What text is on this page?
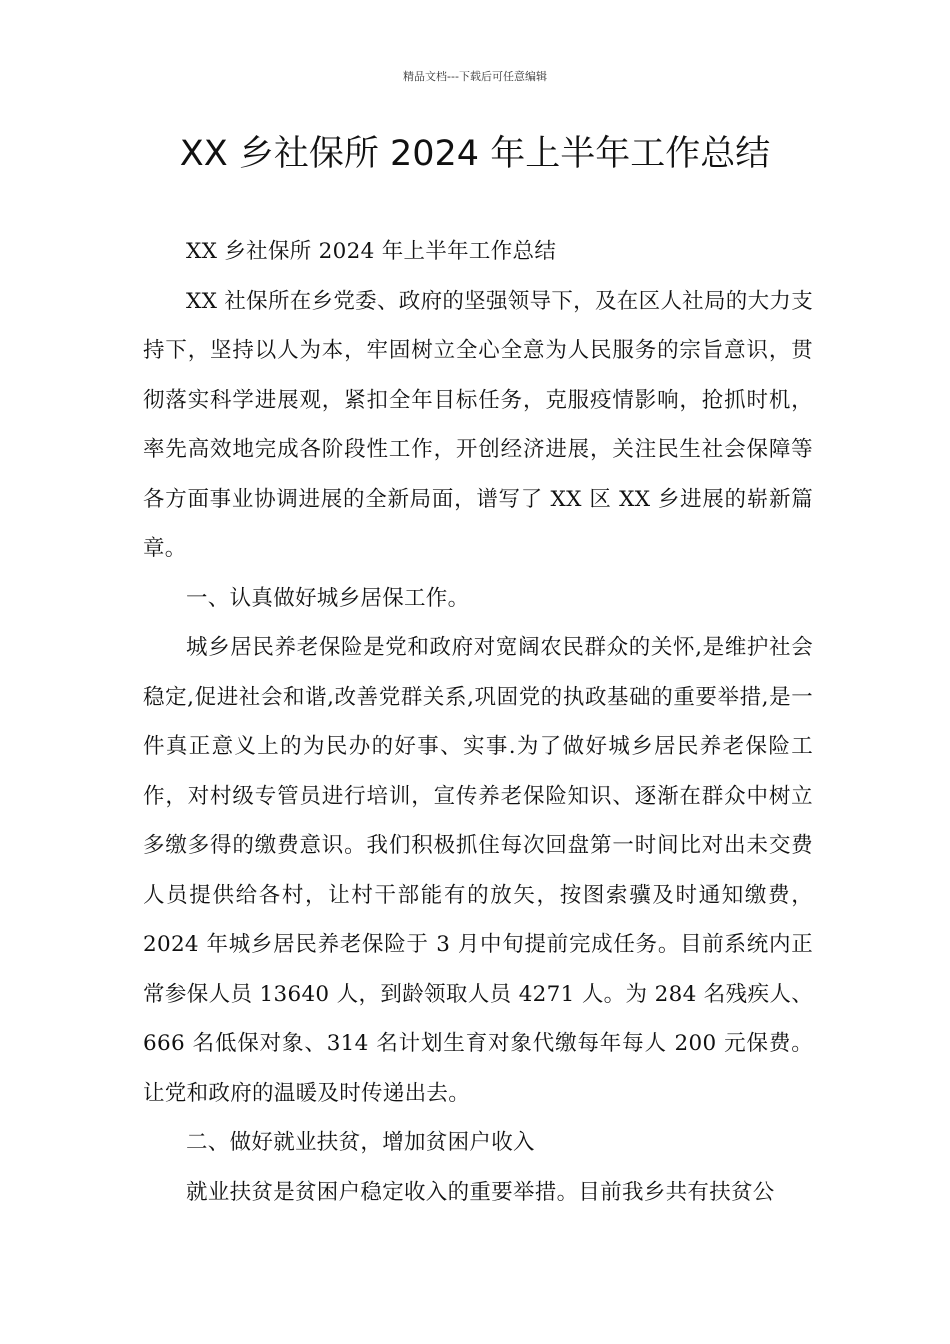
精品文档---下载后可任意编辑
XX 乡社保所 2024 年上半年工作总结

XX 乡社保所 2024 年上半年工作总结

XX 社保所在乡党委、政府的坚强领导下，及在区人社局的大力支持下，坚持以人为本，牢固树立全心全意为人民服务的宗旨意识，贯彻落实科学进展观，紧扣全年目标任务，克服疫情影响，抢抓时机，率先高效地完成各阶段性工作，开创经济进展，关注民生社会保障等各方面事业协调进展的全新局面，谱写了 XX 区 XX 乡进展的崭新篇章。

一、认真做好城乡居保工作。

城乡居民养老保险是党和政府对宽阔农民群众的关怀,是维护社会稳定,促进社会和谐,改善党群关系,巩固党的执政基础的重要举措,是一件真正意义上的为民办的好事、实事.为了做好城乡居民养老保险工作，对村级专管员进行培训，宣传养老保险知识、逐渐在群众中树立多缴多得的缴费意识。我们积极抓住每次回盘第一时间比对出未交费人员提供给各村，让村干部能有的放矢，按图索骥及时通知缴费，2024 年城乡居民养老保险于 3 月中旬提前完成任务。目前系统内正常参保人员 13640 人，到龄领取人员 4271 人。为 284 名残疾人、666 名低保对象、314 名计划生育对象代缴每年每人 200 元保费。让党和政府的温暖及时传递出去。

二、做好就业扶贫，增加贫困户收入

就业扶贫是贫困户稳定收入的重要举措。目前我乡共有扶贫公
